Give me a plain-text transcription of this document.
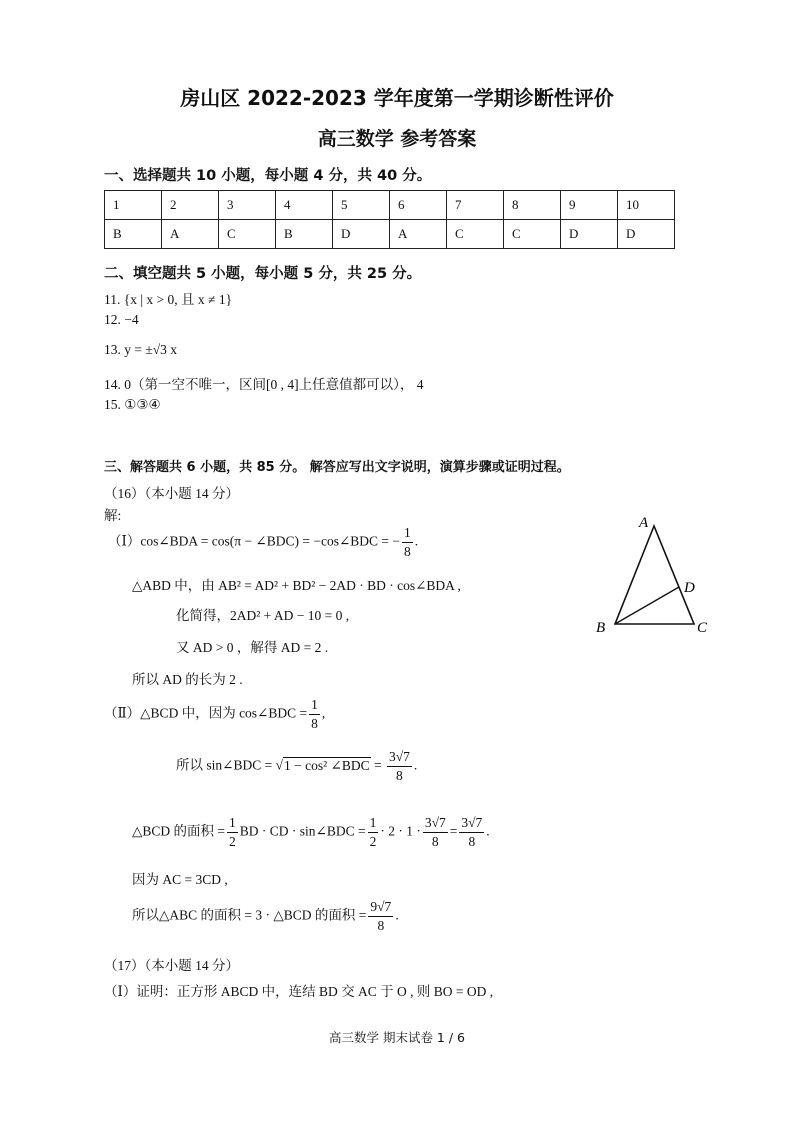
房山区 2022-2023 学年度第一学期诊断性评价
高三数学 参考答案
一、选择题共 10 小题，每小题 4 分，共 40 分。
1	2	3	4	5	6	7	8	9	10
B	A	C	B	D	A	C	C	D	D
二、填空题共 5 小题，每小题 5 分，共 25 分。
11. {x | x > 0, 且 x ≠ 1}
12. −4
13. y = ±√3 x
14. 0（第一空不唯一，区间[0 , 4]上任意值都可以）， 4
15. ①③④
三、解答题共 6 小题，共 85 分。 解答应写出文字说明，演算步骤或证明过程。
（16）（本小题 14 分）
解:
（Ⅰ）cos∠BDA = cos(π − ∠BDC) = −cos∠BDC = − $\frac{1}{8}$ .
△ABD 中，由 AB² = AD² + BD² − 2AD · BD · cos∠BDA ,
化简得，2AD² + AD − 10 = 0 ,
又 AD > 0 ，解得 AD = 2 .
所以 AD 的长为 2 .
（Ⅱ）△BCD 中，因为 cos∠BDC = $\frac{1}{8}$ ,
所以 sin∠BDC = √1 − cos² ∠BDC = $\frac{3√7}{8}$ .
△BCD 的面积 = $\frac{1}{2}$ BD · CD · sin∠BDC = $\frac{1}{2} \cdot 2 \cdot 1 \cdot \frac{3√7}{8} = \frac{3√7}{8}$ .
因为 AC = 3CD ,
所以△ABC 的面积 = 3 · △BCD 的面积 = $\frac{9√7}{8}$ .
（17）（本小题 14 分）
（Ⅰ）证明：正方形 ABCD 中，连结 BD 交 AC 于 O , 则 BO = OD ,
A
B	C
D
高三数学 期末试卷 1 / 6
